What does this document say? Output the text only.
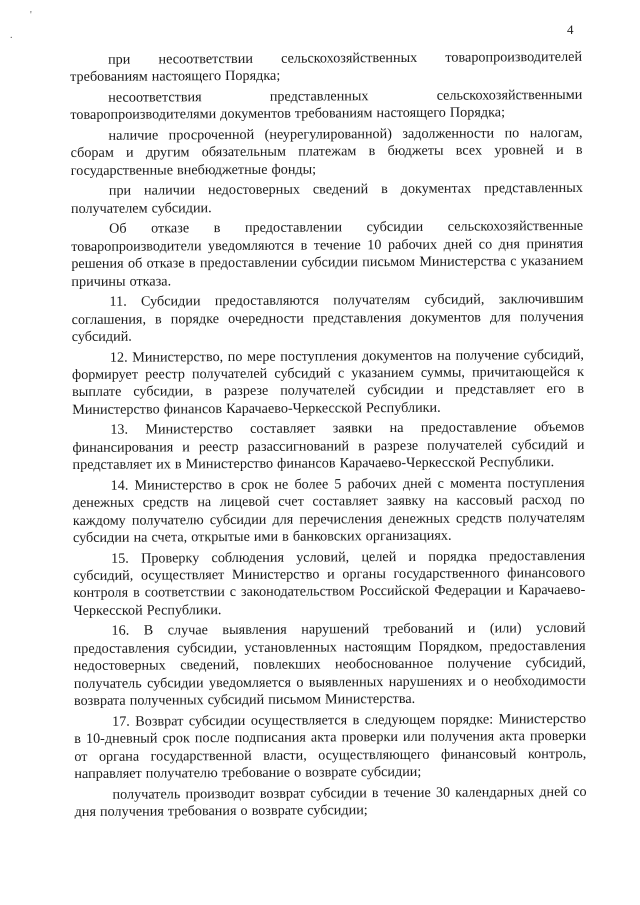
'
.	4

при несоответствии сельскохозяйственных товаропроизводителей требованиям настоящего Порядка;

несоответствия представленных сельскохозяйственными товаропроизводителями документов требованиям настоящего Порядка;

наличие просроченной (неурегулированной) задолженности по налогам, сборам и другим обязательным платежам в бюджеты всех уровней и в государственные внебюджетные фонды;

при наличии недостоверных сведений в документах представленных получателем субсидии.

Об отказе в предоставлении субсидии сельскохозяйственные товаропроизводители уведомляются в течение 10 рабочих дней со дня принятия решения об отказе в предоставлении субсидии письмом Министерства с указанием причины отказа.

11. Субсидии предоставляются получателям субсидий, заключившим соглашения, в порядке очередности представления документов для получения субсидий.

12. Министерство, по мере поступления документов на получение субсидий, формирует реестр получателей субсидий с указанием суммы, причитающейся к выплате субсидии, в разрезе получателей субсидии и представляет его в Министерство финансов Карачаево-Черкесской Республики.

13. Министерство составляет заявки на предоставление объемов финансирования и реестр разассигнований в разрезе получателей субсидий и представляет их в Министерство финансов Карачаево-Черкесской Республики.

14. Министерство в срок не более 5 рабочих дней с момента поступления денежных средств на лицевой счет составляет заявку на кассовый расход по каждому получателю субсидии для перечисления денежных средств получателям субсидии на счета, открытые ими в банковских организациях.

15. Проверку соблюдения условий, целей и порядка предоставления субсидий, осуществляет Министерство и органы государственного финансового контроля в соответствии с законодательством Российской Федерации и Карачаево-Черкесской Республики.

16. В случае выявления нарушений требований и (или) условий предоставления субсидии, установленных настоящим Порядком, предоставления недостоверных сведений, повлекших необоснованное получение субсидий, получатель субсидии уведомляется о выявленных нарушениях и о необходимости возврата полученных субсидий письмом Министерства.

17. Возврат субсидии осуществляется в следующем порядке: Министерство в 10-дневный срок после подписания акта проверки или получения акта проверки от органа государственной власти, осуществляющего финансовый контроль, направляет получателю требование о возврате субсидии;

получатель производит возврат субсидии в течение 30 календарных дней со дня получения требования о возврате субсидии;
